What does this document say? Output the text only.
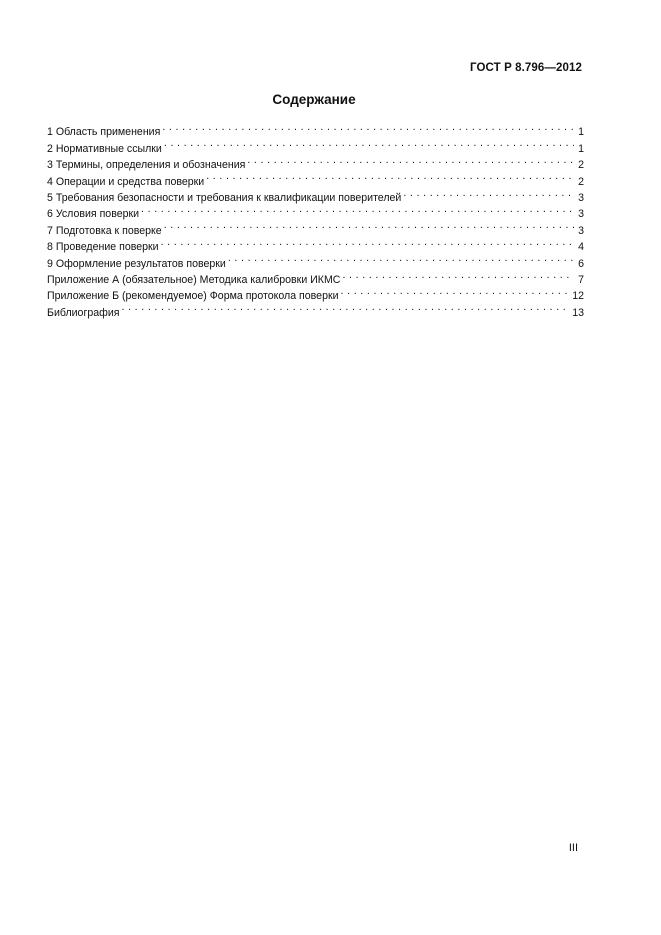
ГОСТ Р 8.796—2012
Содержание
1 Область применения . . .	1
2 Нормативные ссылки . . .	1
3 Термины, определения и обозначения . . .	2
4 Операции и средства поверки . . .	2
5 Требования безопасности и требования к квалификации поверителей . . .	3
6 Условия поверки . . .	3
7 Подготовка к поверке . . .	3
8 Проведение поверки . . .	4
9 Оформление результатов поверки . . .	6
Приложение А (обязательное) Методика калибровки ИКМС . . .	7
Приложение Б (рекомендуемое) Форма протокола поверки . . .	12
Библиография . . .	13
III
